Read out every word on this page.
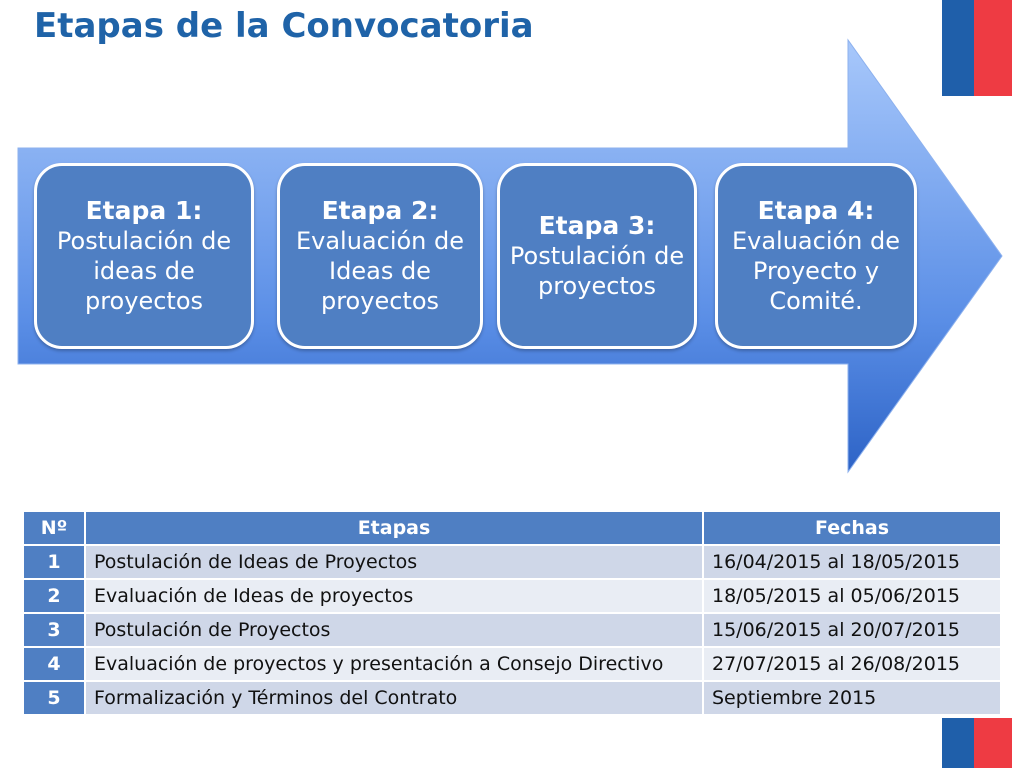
Etapas de la Convocatoria
Etapa 1:
Postulación de ideas de proyectos
Etapa 2:
Evaluación de Ideas de proyectos
Etapa 3:
Postulación de proyectos
Etapa 4:
Evaluación de Proyecto y Comité.
Nº	Etapas	Fechas
1	Postulación de Ideas de Proyectos	16/04/2015 al 18/05/2015
2	Evaluación de Ideas de proyectos	18/05/2015 al 05/06/2015
3	Postulación de Proyectos	15/06/2015 al 20/07/2015
4	Evaluación de proyectos y presentación a Consejo Directivo	27/07/2015 al 26/08/2015
5	Formalización y Términos del Contrato	Septiembre 2015
